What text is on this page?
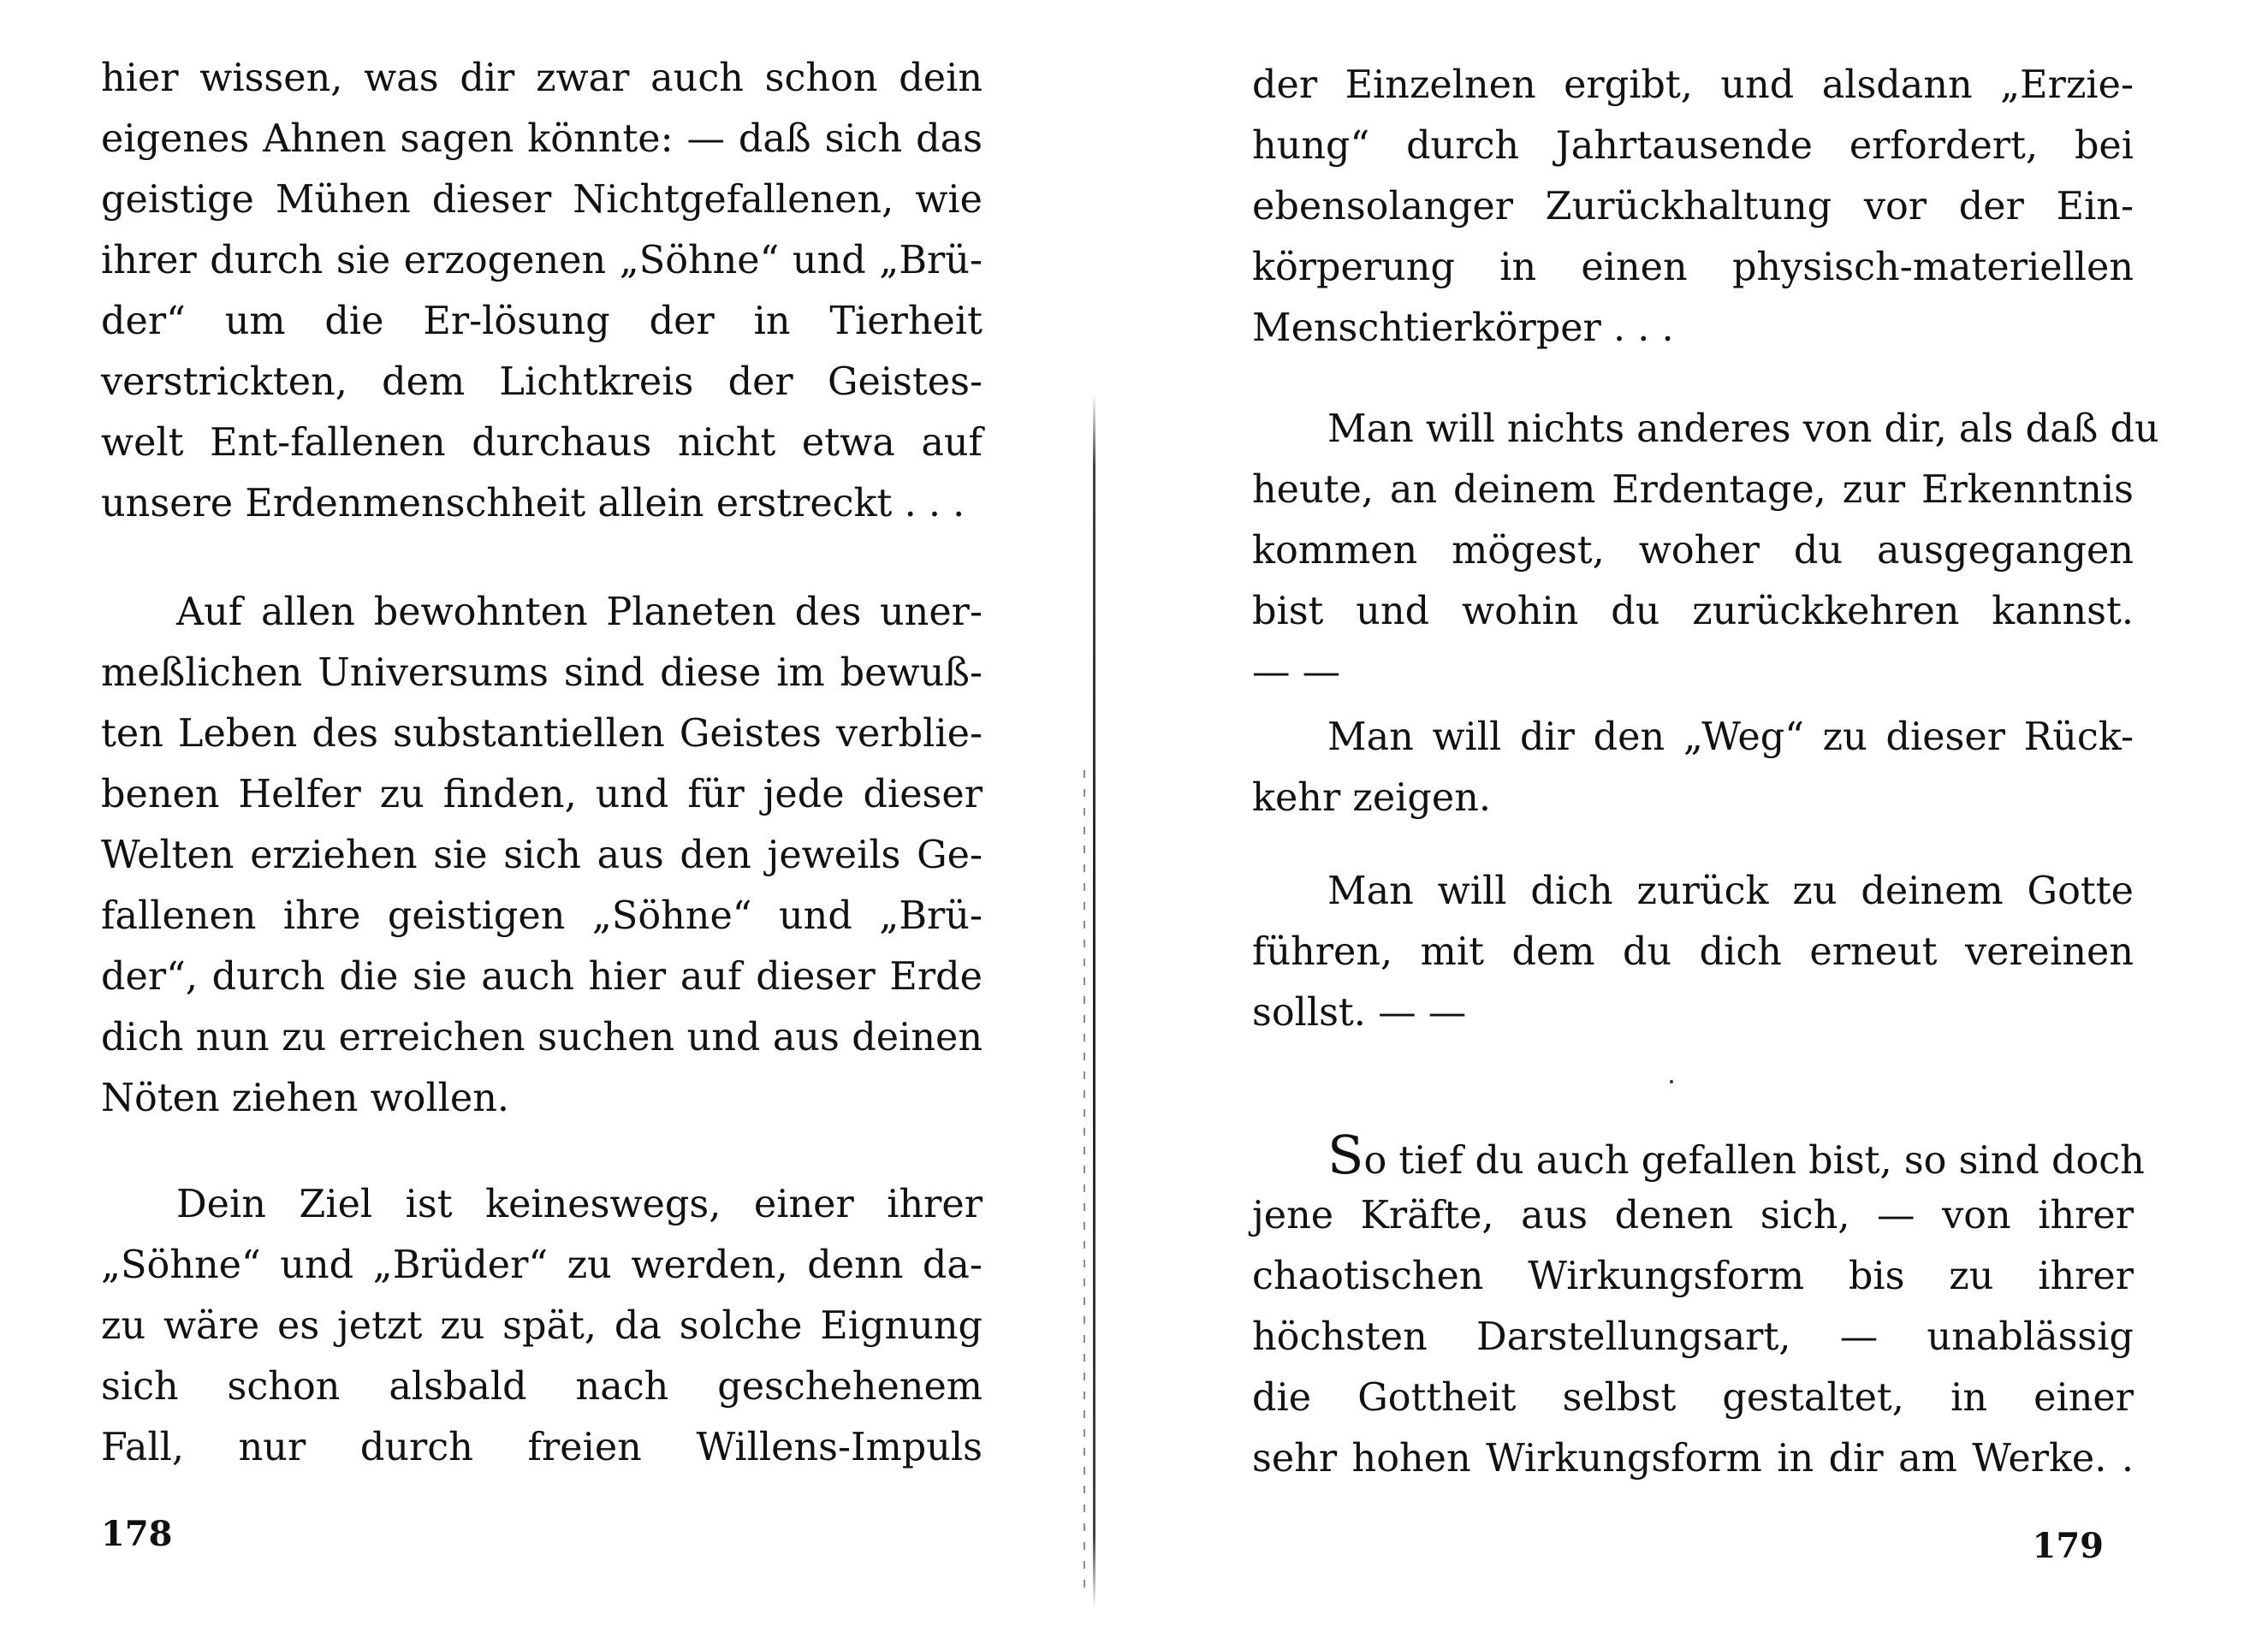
hier wissen, was dir zwar auch schon dein
eigenes Ahnen sagen könnte: — daß sich das
geistige Mühen dieser Nichtgefallenen, wie
ihrer durch sie erzogenen „Söhne“ und „Brü-
der“ um die Er-lösung der in Tierheit
verstrickten, dem Lichtkreis der Geistes-
welt Ent-fallenen durchaus nicht etwa auf
unsere Erdenmenschheit allein erstreckt . . .
Auf allen bewohnten Planeten des uner-
meßlichen Universums sind diese im bewuß-
ten Leben des substantiellen Geistes verblie-
benen Helfer zu finden, und für jede dieser
Welten erziehen sie sich aus den jeweils Ge-
fallenen ihre geistigen „Söhne“ und „Brü-
der“, durch die sie auch hier auf dieser Erde
dich nun zu erreichen suchen und aus deinen
Nöten ziehen wollen.
Dein Ziel ist keineswegs, einer ihrer
„Söhne“ und „Brüder“ zu werden, denn da-
zu wäre es jetzt zu spät, da solche Eignung
sich schon alsbald nach geschehenem
Fall, nur durch freien Willens-Impuls
178
der Einzelnen ergibt, und alsdann „Erzie-
hung“ durch Jahrtausende erfordert, bei
ebensolanger Zurückhaltung vor der Ein-
körperung in einen physisch-materiellen
Menschtierkörper . . .
Man will nichts anderes von dir, als daß du
heute, an deinem Erdentage, zur Erkenntnis
kommen mögest, woher du ausgegangen
bist und wohin du zurückkehren kannst.
— —
Man will dir den „Weg“ zu dieser Rück-
kehr zeigen.
Man will dich zurück zu deinem Gotte
führen, mit dem du dich erneut vereinen
sollst. — —
So tief du auch gefallen bist, so sind doch
jene Kräfte, aus denen sich, — von ihrer
chaotischen Wirkungsform bis zu ihrer
höchsten Darstellungsart, — unablässig
die Gottheit selbst gestaltet, in einer
sehr hohen Wirkungsform in dir am Werke. .
179
